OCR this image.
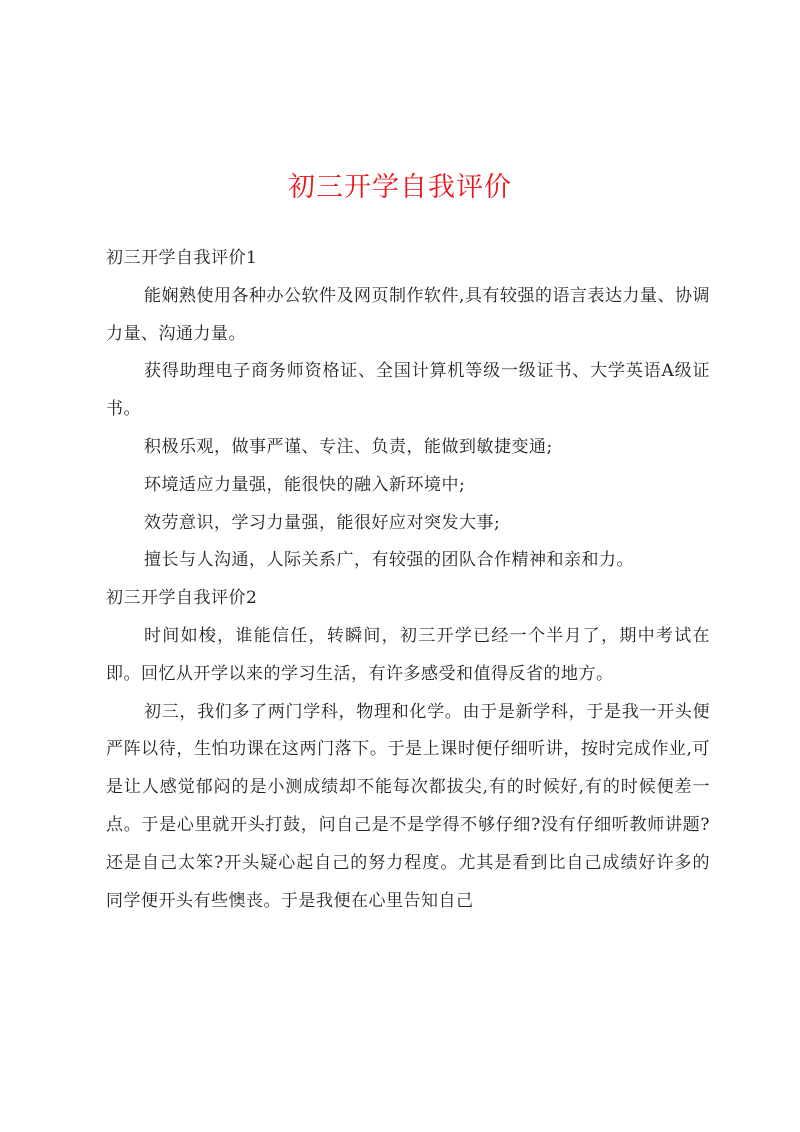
初三开学自我评价

初三开学自我评价1

能娴熟使用各种办公软件及网页制作软件,具有较强的语言表达力量、协调力量、沟通力量。

获得助理电子商务师资格证、全国计算机等级一级证书、大学英语A级证书。

积极乐观，做事严谨、专注、负责，能做到敏捷变通;

环境适应力量强，能很快的融入新环境中;

效劳意识，学习力量强，能很好应对突发大事;

擅长与人沟通，人际关系广，有较强的团队合作精神和亲和力。

初三开学自我评价2

时间如梭，谁能信任，转瞬间，初三开学已经一个半月了，期中考试在即。回忆从开学以来的学习生活，有许多感受和值得反省的地方。

初三，我们多了两门学科，物理和化学。由于是新学科，于是我一开头便严阵以待，生怕功课在这两门落下。于是上课时便仔细听讲，按时完成作业,可是让人感觉郁闷的是小测成绩却不能每次都拔尖,有的时候好,有的时候便差一点。于是心里就开头打鼓，问自己是不是学得不够仔细?没有仔细听教师讲题?还是自己太笨?开头疑心起自己的努力程度。尤其是看到比自己成绩好许多的同学便开头有些懊丧。于是我便在心里告知自己
